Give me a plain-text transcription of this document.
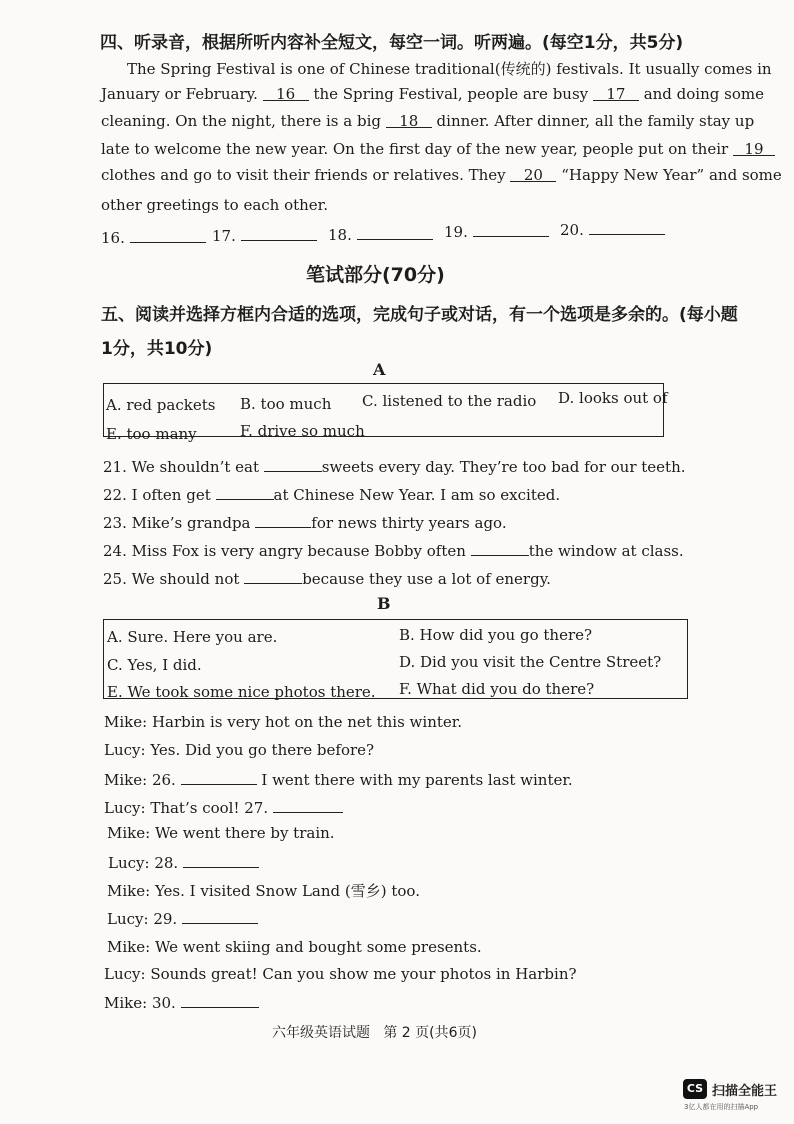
四、听录音，根据所听内容补全短文，每空一词。听两遍。(每空1分，共5分)
The Spring Festival is one of Chinese traditional(传统的) festivals. It usually comes in
January or February. 16 the Spring Festival, people are busy 17 and doing some
cleaning. On the night, there is a big 18 dinner. After dinner, all the family stay up
late to welcome the new year. On the first day of the new year, people put on their 19
clothes and go to visit their friends or relatives. They 20 “Happy New Year” and some
other greetings to each other.
16.	17.	18.	19.	20.
笔试部分(70分)
五、阅读并选择方框内合适的选项，完成句子或对话，有一个选项是多余的。(每小题
1分，共10分)
A
A. red packets B. too much C. listened to the radio D. looks out of
E. too many	F. drive so much
21. We shouldn’t eat	sweets every day. They’re too bad for our teeth.
22. I often get	at Chinese New Year. I am so excited.
23. Mike’s grandpa	for news thirty years ago.
24. Miss Fox is very angry because Bobby often	the window at class.
25. We should not	because they use a lot of energy.
B
A. Sure. Here you are.	B. How did you go there?
C. Yes, I did.	D. Did you visit the Centre Street?
E. We took some nice photos there. F. What did you do there?
Mike: Harbin is very hot on the net this winter.
Lucy: Yes. Did you go there before?
Mike: 26.	I went there with my parents last winter.
Lucy: That’s cool! 27.
Mike: We went there by train.
Lucy: 28.
Mike: Yes. I visited Snow Land (雪乡) too.
Lucy: 29.
Mike: We went skiing and bought some presents.
Lucy: Sounds great! Can you show me your photos in Harbin?
Mike: 30.
六年级英语试题   第 2 页(共6页)
CS 扫描全能王
3亿人都在用的扫描App
